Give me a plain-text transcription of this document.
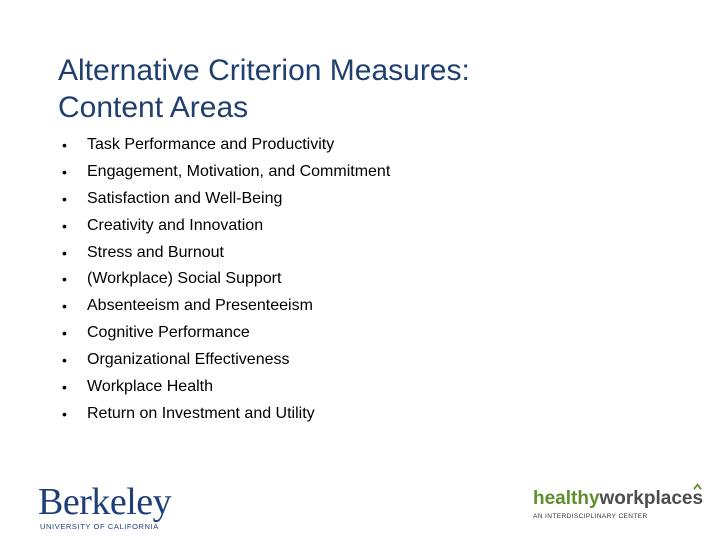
Alternative Criterion Measures:
Content Areas
• Task Performance and Productivity
• Engagement, Motivation, and Commitment
• Satisfaction and Well-Being
• Creativity and Innovation
• Stress and Burnout
• (Workplace) Social Support
• Absenteeism and Presenteeism
• Cognitive Performance
• Organizational Effectiveness
• Workplace Health
• Return on Investment and Utility
Berkeley
UNIVERSITY OF CALIFORNIA
healthyworkplaces
AN INTERDISCIPLINARY CENTER
